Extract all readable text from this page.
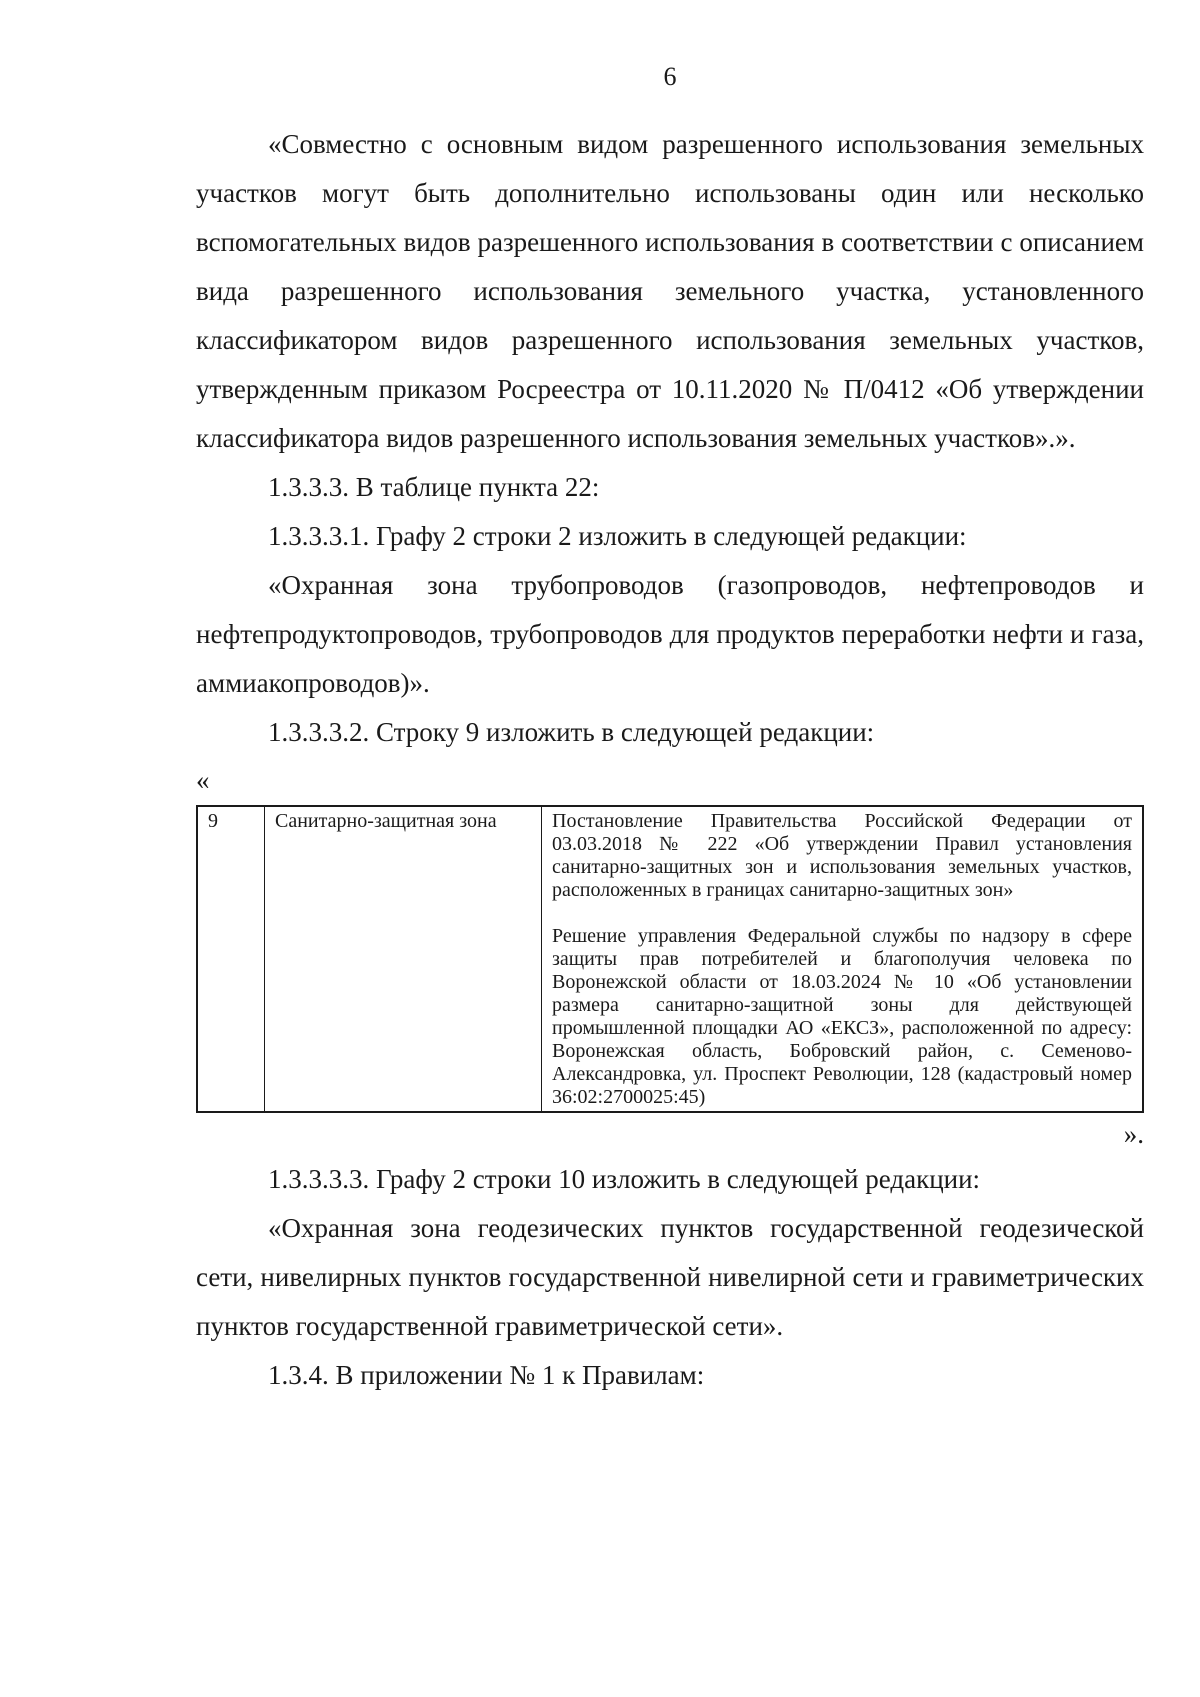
6

«Совместно с основным видом разрешенного использования земельных участков могут быть дополнительно использованы один или несколько вспомогательных видов разрешенного использования в соответствии с описанием вида разрешенного использования земельного участка, установленного классификатором видов разрешенного использования земельных участков, утвержденным приказом Росреестра от 10.11.2020 № П/0412 «Об утверждении классификатора видов разрешенного использования земельных участков».».

1.3.3.3. В таблице пункта 22:

1.3.3.3.1. Графу 2 строки 2 изложить в следующей редакции:

«Охранная зона трубопроводов (газопроводов, нефтепроводов и нефтепродуктопроводов, трубопроводов для продуктов переработки нефти и газа, аммиакопроводов)».

1.3.3.3.2. Строку 9 изложить в следующей редакции:

«

9	Санитарно-защитная зона	Постановление Правительства Российской Федерации от 03.03.2018 № 222 «Об утверждении Правил установления санитарно-защитных зон и использования земельных участков, расположенных в границах санитарно-защитных зон»

Решение управления Федеральной службы по надзору в сфере защиты прав потребителей и благополучия человека по Воронежской области от 18.03.2024 № 10 «Об установлении размера санитарно-защитной зоны для действующей промышленной площадки АО «ЕКСЗ», расположенной по адресу: Воронежская область, Бобровский район, с. Семеново-Александровка, ул. Проспект Революции, 128 (кадастровый номер 36:02:2700025:45)

».

1.3.3.3.3. Графу 2 строки 10 изложить в следующей редакции:

«Охранная зона геодезических пунктов государственной геодезической сети, нивелирных пунктов государственной нивелирной сети и гравиметрических пунктов государственной гравиметрической сети».

1.3.4. В приложении № 1 к Правилам:
